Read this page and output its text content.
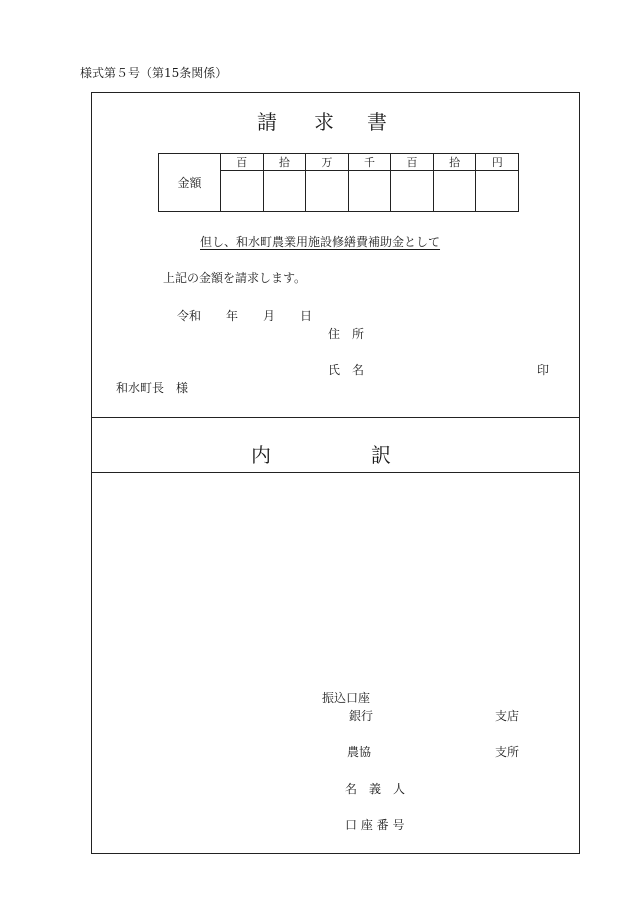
様式第５号（第15条関係）
請 求 書
金額	百	拾	万	千	百	拾	円

但し、和水町農業用施設修繕費補助金として
上記の金額を請求します。
令和 年 月 日
住　所
氏　名	印
和水町長　様
内	訳
振込口座
銀行	支店
農協	支所
名　義　人
口 座 番 号
